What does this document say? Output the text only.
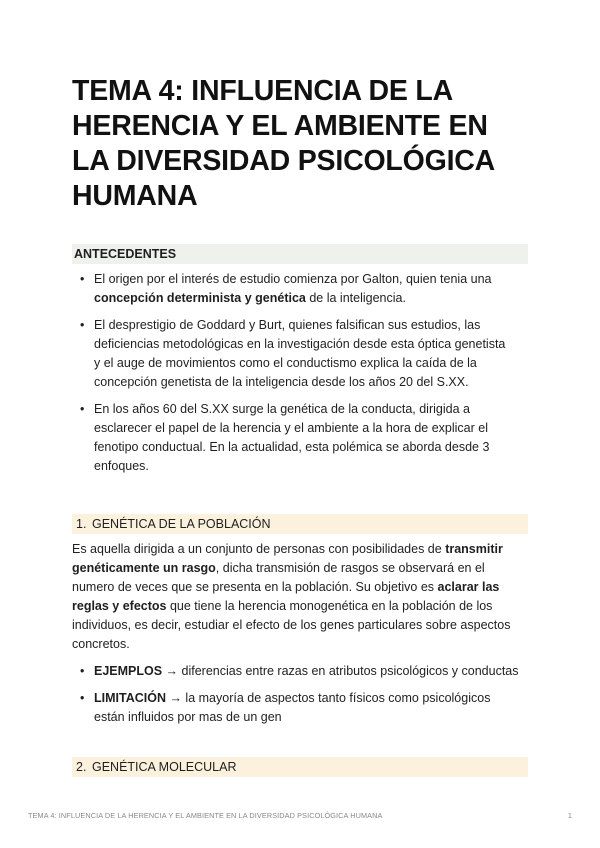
TEMA 4: INFLUENCIA DE LA
HERENCIA Y EL AMBIENTE EN
LA DIVERSIDAD PSICOLÓGICA
HUMANA
ANTECEDENTES
• El origen por el interés de estudio comienza por Galton, quien tenia una
concepción determinista y genética de la inteligencia.
• El desprestigio de Goddard y Burt, quienes falsifican sus estudios, las
deficiencias metodológicas en la investigación desde esta óptica genetista
y el auge de movimientos como el conductismo explica la caída de la
concepción genetista de la inteligencia desde los años 20 del S.XX.
• En los años 60 del S.XX surge la genética de la conducta, dirigida a
esclarecer el papel de la herencia y el ambiente a la hora de explicar el
fenotipo conductual. En la actualidad, esta polémica se aborda desde 3
enfoques.
1. GENÉTICA DE LA POBLACIÓN

Es aquella dirigida a un conjunto de personas con posibilidades de transmitir
genéticamente un rasgo, dicha transmisión de rasgos se observará en el
numero de veces que se presenta en la población. Su objetivo es aclarar las
reglas y efectos que tiene la herencia monogenética en la población de los
individuos, es decir, estudiar el efecto de los genes particulares sobre aspectos
concretos.

• EJEMPLOS → diferencias entre razas en atributos psicológicos y conductas
• LIMITACIÓN → la mayoría de aspectos tanto físicos como psicológicos
están influidos por mas de un gen
2. GENÉTICA MOLECULAR
TEMA 4: INFLUENCIA DE LA HERENCIA Y EL AMBIENTE EN LA DIVERSIDAD PSICOLÓGICA HUMANA	1
